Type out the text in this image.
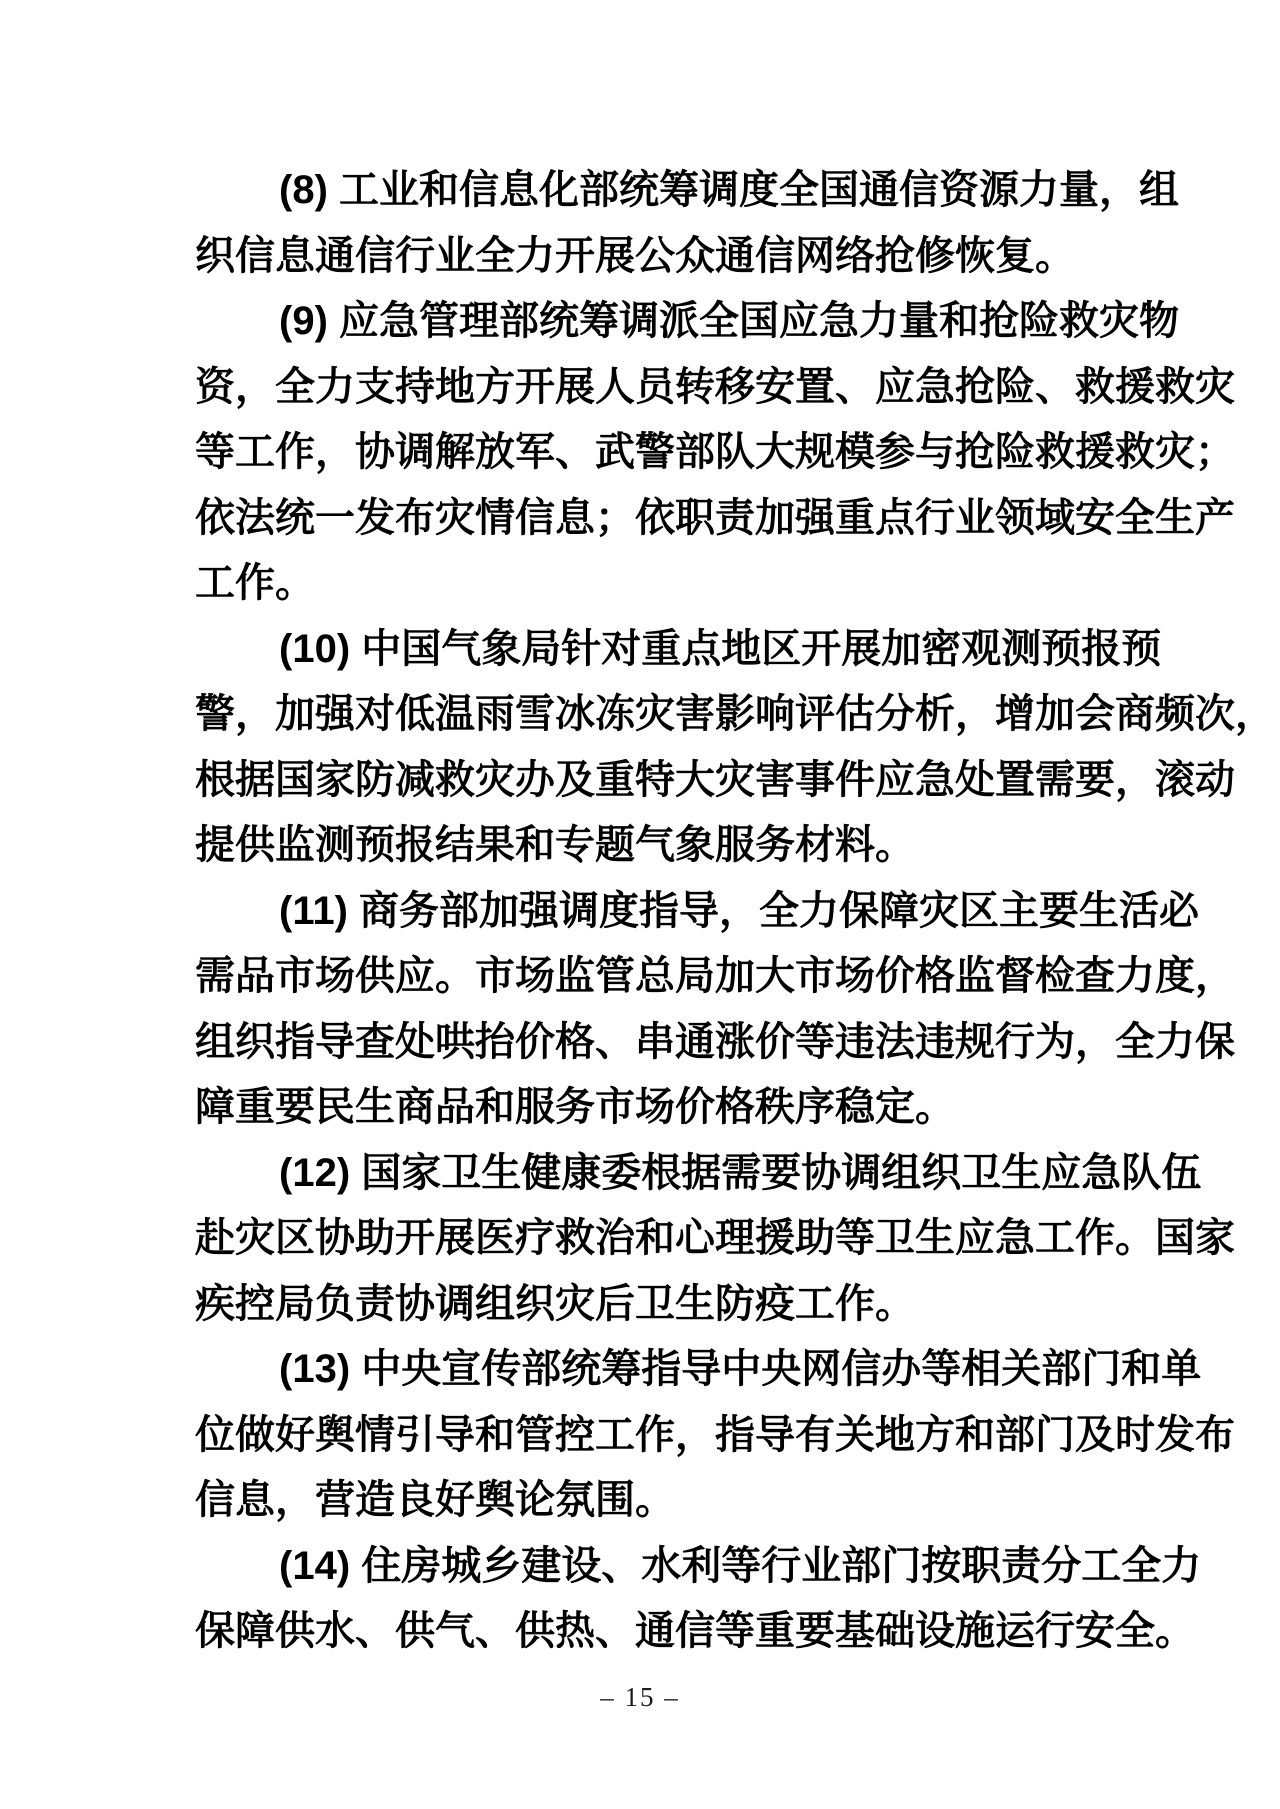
(8) 工业和信息化部统筹调度全国通信资源力量，组
织信息通信行业全力开展公众通信网络抢修恢复。
(9) 应急管理部统筹调派全国应急力量和抢险救灾物
资，全力支持地方开展人员转移安置、应急抢险、救援救灾
等工作，协调解放军、武警部队大规模参与抢险救援救灾；
依法统一发布灾情信息；依职责加强重点行业领域安全生产
工作。
(10) 中国气象局针对重点地区开展加密观测预报预
警，加强对低温雨雪冰冻灾害影响评估分析，增加会商频次，
根据国家防减救灾办及重特大灾害事件应急处置需要，滚动
提供监测预报结果和专题气象服务材料。
(11) 商务部加强调度指导，全力保障灾区主要生活必
需品市场供应。市场监管总局加大市场价格监督检查力度，
组织指导查处哄抬价格、串通涨价等违法违规行为，全力保
障重要民生商品和服务市场价格秩序稳定。
(12) 国家卫生健康委根据需要协调组织卫生应急队伍
赴灾区协助开展医疗救治和心理援助等卫生应急工作。国家
疾控局负责协调组织灾后卫生防疫工作。
(13) 中央宣传部统筹指导中央网信办等相关部门和单
位做好舆情引导和管控工作，指导有关地方和部门及时发布
信息，营造良好舆论氛围。
(14) 住房城乡建设、水利等行业部门按职责分工全力
保障供水、供气、供热、通信等重要基础设施运行安全。
– 15 –
